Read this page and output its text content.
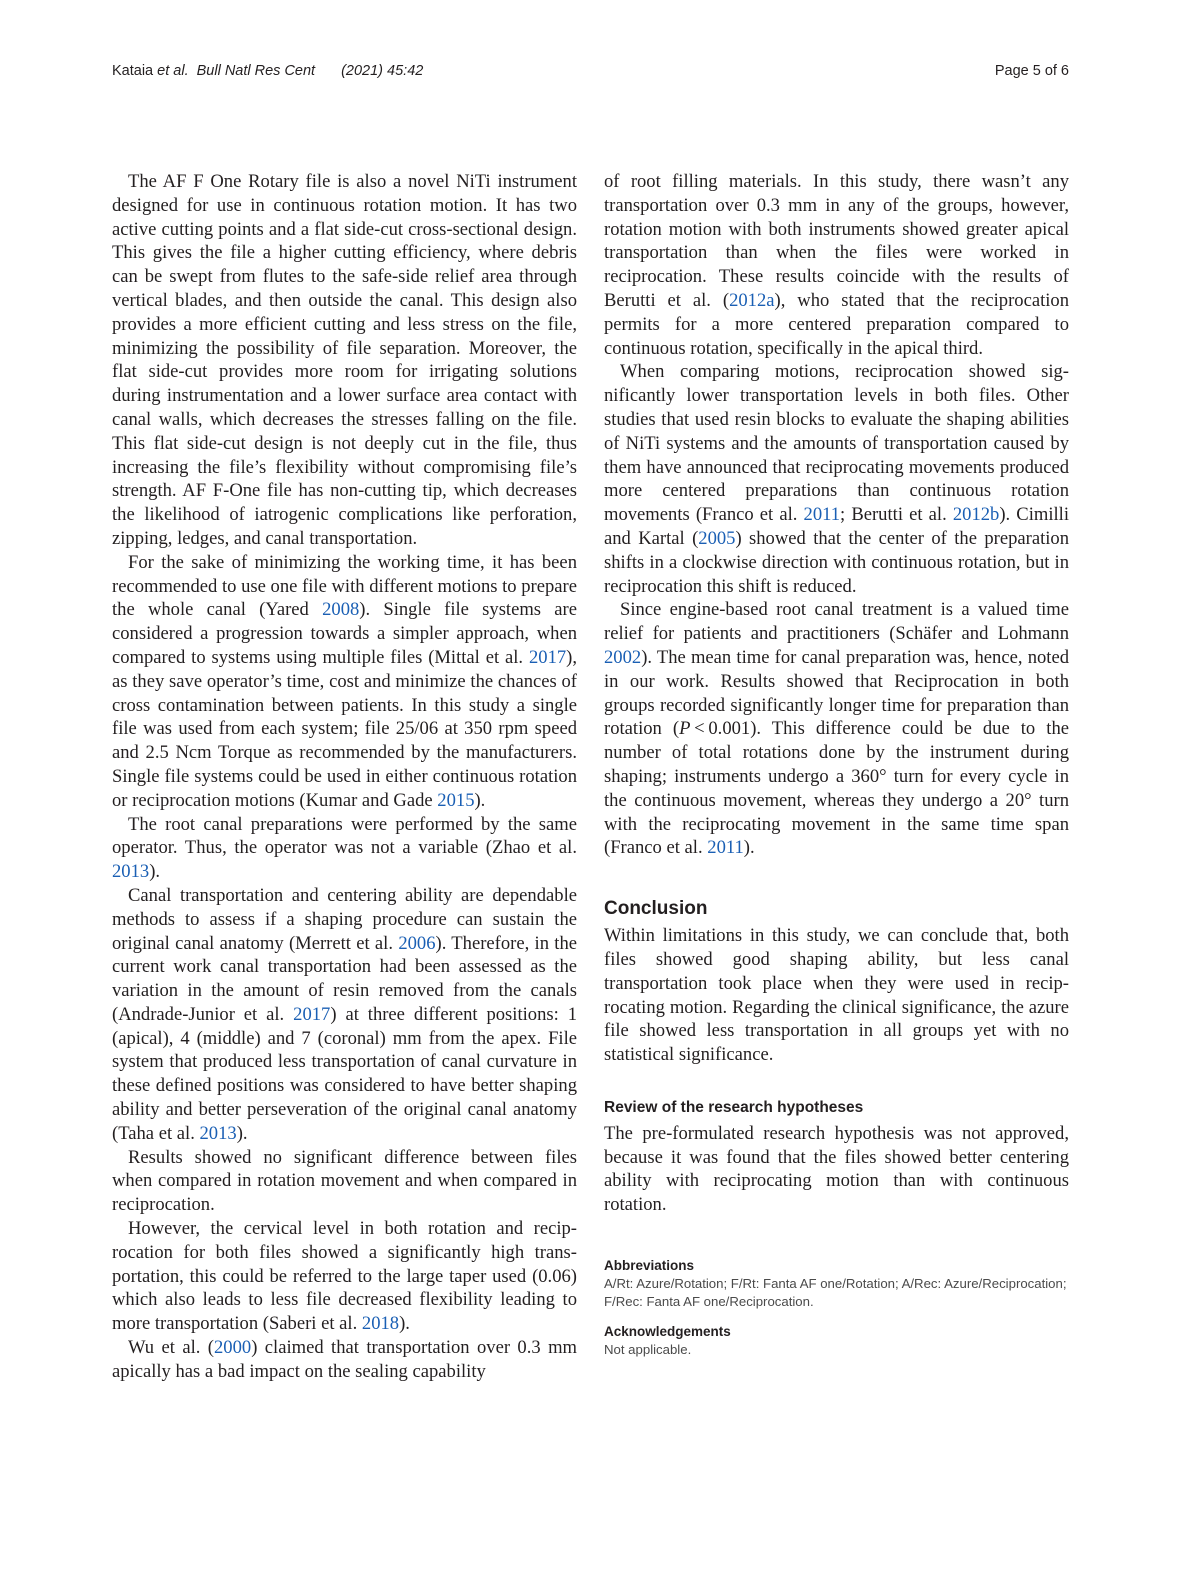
Kataia et al. Bull Natl Res Cent (2021) 45:42	Page 5 of 6

The AF F One Rotary file is also a novel NiTi instrument designed for use in continuous rotation motion. It has two active cutting points and a flat side-cut cross-sectional design. This gives the file a higher cutting efficiency, where debris can be swept from flutes to the safe-side relief area through vertical blades, and then outside the canal. This design also provides a more efficient cutting and less stress on the file, minimizing the possibility of file separation. Moreover, the flat side-cut provides more room for irrigating solutions during instrumentation and a lower surface area contact with canal walls, which decreases the stresses falling on the file. This flat side-cut design is not deeply cut in the file, thus increasing the file’s flexibility without compromising file’s strength. AF F-One file has non-cutting tip, which decreases the likelihood of iatrogenic complications like perforation, zipping, ledges, and canal transportation.

For the sake of minimizing the working time, it has been recommended to use one file with different motions to prepare the whole canal (Yared 2008). Single file systems are considered a progression towards a simpler approach, when compared to systems using multiple files (Mittal et al. 2017), as they save operator’s time, cost and minimize the chances of cross contamination between patients. In this study a single file was used from each system; file 25/06 at 350 rpm speed and 2.5 Ncm Torque as recommended by the manufacturers. Single file systems could be used in either continuous rotation or reciprocation motions (Kumar and Gade 2015).

The root canal preparations were performed by the same operator. Thus, the operator was not a variable (Zhao et al. 2013).

Canal transportation and centering ability are dependable methods to assess if a shaping procedure can sustain the original canal anatomy (Merrett et al. 2006). Therefore, in the current work canal transportation had been assessed as the variation in the amount of resin removed from the canals (Andrade-Junior et al. 2017) at three different positions: 1 (apical), 4 (middle) and 7 (coronal) mm from the apex. File system that produced less transportation of canal curvature in these defined positions was considered to have better shaping ability and better perseveration of the original canal anatomy (Taha et al. 2013).

Results showed no significant difference between files when compared in rotation movement and when compared in reciprocation.

However, the cervical level in both rotation and reciprocation for both files showed a significantly high transportation, this could be referred to the large taper used (0.06) which also leads to less file decreased flexibility leading to more transportation (Saberi et al. 2018).

Wu et al. (2000) claimed that transportation over 0.3 mm apically has a bad impact on the sealing capability

of root filling materials. In this study, there wasn’t any transportation over 0.3 mm in any of the groups, however, rotation motion with both instruments showed greater apical transportation than when the files were worked in reciprocation. These results coincide with the results of Berutti et al. (2012a), who stated that the reciprocation permits for a more centered preparation compared to continuous rotation, specifically in the apical third.

When comparing motions, reciprocation showed significantly lower transportation levels in both files. Other studies that used resin blocks to evaluate the shaping abilities of NiTi systems and the amounts of transportation caused by them have announced that reciprocating movements produced more centered preparations than continuous rotation movements (Franco et al. 2011; Berutti et al. 2012b). Cimilli and Kartal (2005) showed that the center of the preparation shifts in a clockwise direction with continuous rotation, but in reciprocation this shift is reduced.

Since engine-based root canal treatment is a valued time relief for patients and practitioners (Schäfer and Lohmann 2002). The mean time for canal preparation was, hence, noted in our work. Results showed that Reciprocation in both groups recorded significantly longer time for preparation than rotation (P < 0.001). This difference could be due to the number of total rotations done by the instrument during shaping; instruments undergo a 360° turn for every cycle in the continuous movement, whereas they undergo a 20° turn with the reciprocating movement in the same time span (Franco et al. 2011).

Conclusion

Within limitations in this study, we can conclude that, both files showed good shaping ability, but less canal transportation took place when they were used in reciprocating motion. Regarding the clinical significance, the azure file showed less transportation in all groups yet with no statistical significance.

Review of the research hypotheses

The pre-formulated research hypothesis was not approved, because it was found that the files showed better centering ability with reciprocating motion than with continuous rotation.

Abbreviations
A/Rt: Azure/Rotation; F/Rt: Fanta AF one/Rotation; A/Rec: Azure/Reciprocation; F/Rec: Fanta AF one/Reciprocation.
Acknowledgements
Not applicable.
